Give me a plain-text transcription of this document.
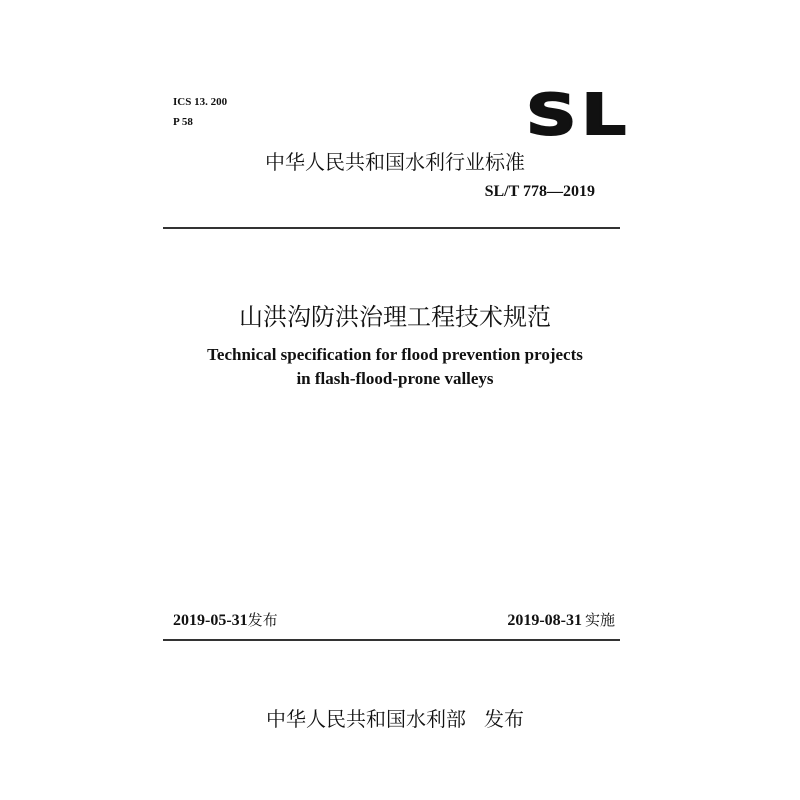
ICS 13. 200
P 58	SL
中华人民共和国水利行业标准
SL/T 778—2019
山洪沟防洪治理工程技术规范
Technical specification for flood prevention projects
in flash-flood-prone valleys
2019-05-31发布	2019-08-31 实施
中华人民共和国水利部 发布
